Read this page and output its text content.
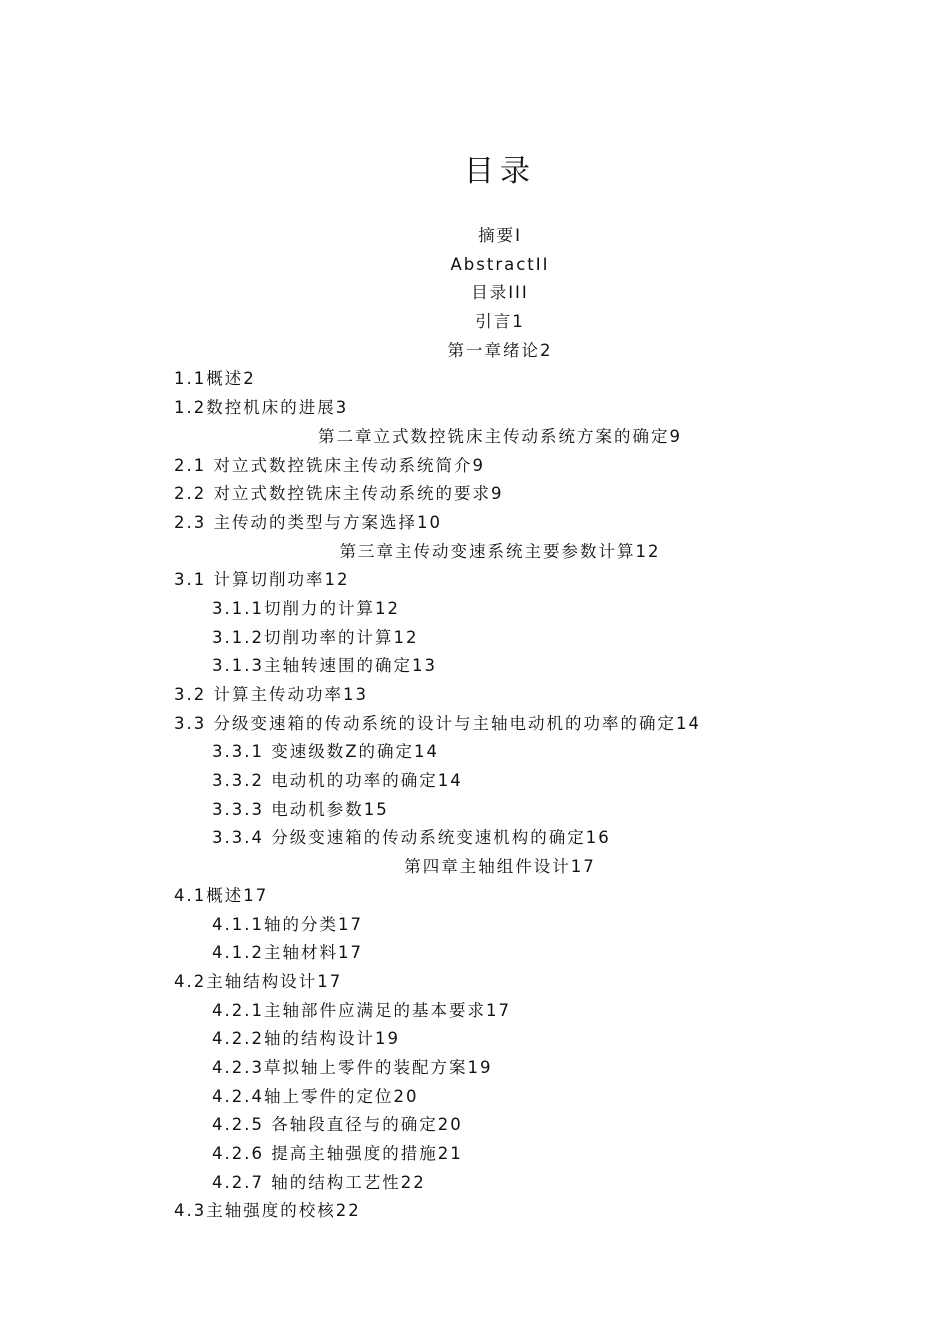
目录
摘要I
AbstractII
目录III
引言1
第一章绪论2
1.1概述2
1.2数控机床的进展3
第二章立式数控铣床主传动系统方案的确定9
2.1 对立式数控铣床主传动系统简介9
2.2 对立式数控铣床主传动系统的要求9
2.3 主传动的类型与方案选择10
第三章主传动变速系统主要参数计算12
3.1 计算切削功率12
3.1.1切削力的计算12
3.1.2切削功率的计算12
3.1.3主轴转速围的确定13
3.2 计算主传动功率13
3.3 分级变速箱的传动系统的设计与主轴电动机的功率的确定14
3.3.1 变速级数Z的确定14
3.3.2 电动机的功率的确定14
3.3.3 电动机参数15
3.3.4 分级变速箱的传动系统变速机构的确定16
第四章主轴组件设计17
4.1概述17
4.1.1轴的分类17
4.1.2主轴材料17
4.2主轴结构设计17
4.2.1主轴部件应满足的基本要求17
4.2.2轴的结构设计19
4.2.3草拟轴上零件的装配方案19
4.2.4轴上零件的定位20
4.2.5 各轴段直径与的确定20
4.2.6 提高主轴强度的措施21
4.2.7 轴的结构工艺性22
4.3主轴强度的校核22
